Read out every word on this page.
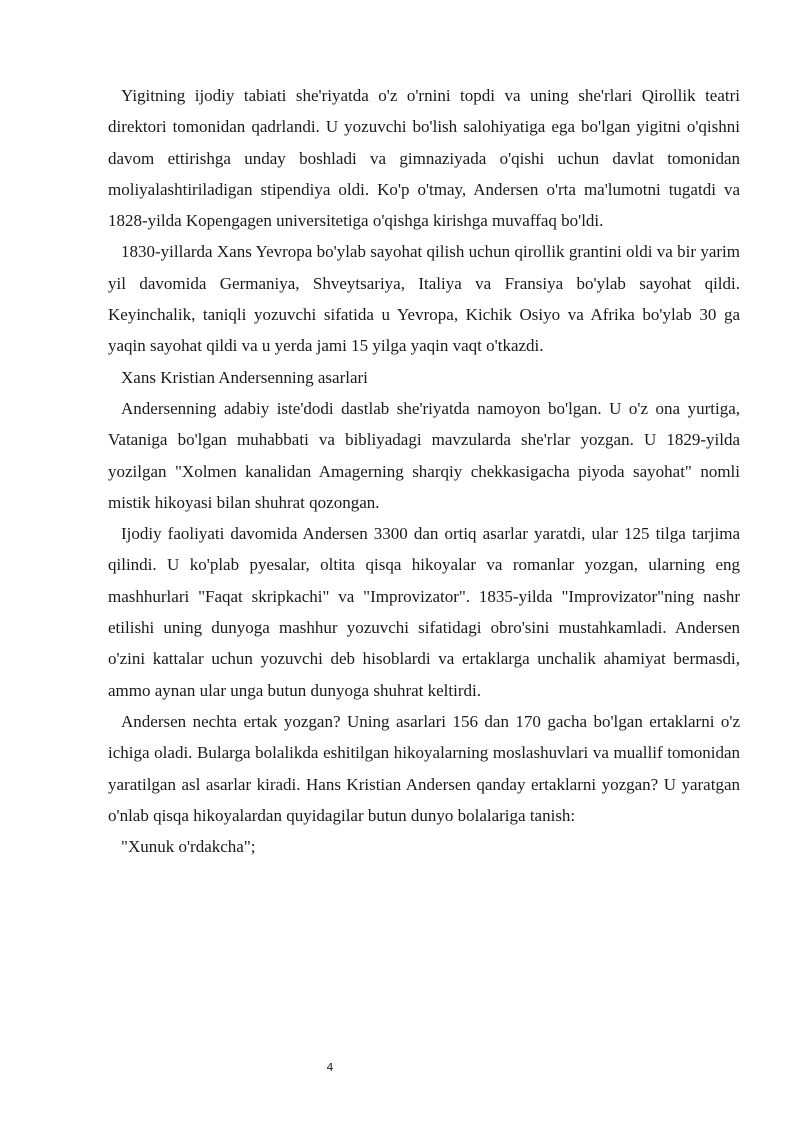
Yigitning ijodiy tabiati she'riyatda o'z o'rnini topdi va uning she'rlari Qirollik teatri direktori tomonidan qadrlandi. U yozuvchi bo'lish salohiyatiga ega bo'lgan yigitni o'qishni davom ettirishga unday boshladi va gimnaziyada o'qishi uchun davlat tomonidan moliyalashtiriladigan stipendiya oldi. Ko'p o'tmay, Andersen o'rta ma'lumotni tugatdi va 1828-yilda Kopengagen universitetiga o'qishga kirishga muvaffaq bo'ldi.

1830-yillarda Xans Yevropa bo'ylab sayohat qilish uchun qirollik grantini oldi va bir yarim yil davomida Germaniya, Shveytsariya, Italiya va Fransiya bo'ylab sayohat qildi. Keyinchalik, taniqli yozuvchi sifatida u Yevropa, Kichik Osiyo va Afrika bo'ylab 30 ga yaqin sayohat qildi va u yerda jami 15 yilga yaqin vaqt o'tkazdi.

Xans Kristian Andersenning asarlari

Andersenning adabiy iste'dodi dastlab she'riyatda namoyon bo'lgan. U o'z ona yurtiga, Vataniga bo'lgan muhabbati va bibliyadagi mavzularda she'rlar yozgan. U 1829-yilda yozilgan "Xolmen kanalidan Amagerning sharqiy chekkasigacha piyoda sayohat" nomli mistik hikoyasi bilan shuhrat qozongan.

Ijodiy faoliyati davomida Andersen 3300 dan ortiq asarlar yaratdi, ular 125 tilga tarjima qilindi. U ko'plab pyesalar, oltita qisqa hikoyalar va romanlar yozgan, ularning eng mashhurlari "Faqat skripkachi" va "Improvizator". 1835-yilda "Improvizator"ning nashr etilishi uning dunyoga mashhur yozuvchi sifatidagi obro'sini mustahkamladi. Andersen o'zini kattalar uchun yozuvchi deb hisoblardi va ertaklarga unchalik ahamiyat bermasdi, ammo aynan ular unga butun dunyoga shuhrat keltirdi.

Andersen nechta ertak yozgan? Uning asarlari 156 dan 170 gacha bo'lgan ertaklarni o'z ichiga oladi. Bularga bolalikda eshitilgan hikoyalarning moslashuvlari va muallif tomonidan yaratilgan asl asarlar kiradi. Hans Kristian Andersen qanday ertaklarni yozgan? U yaratgan o'nlab qisqa hikoyalardan quyidagilar butun dunyo bolalariga tanish:

"Xunuk o'rdakcha";

4
